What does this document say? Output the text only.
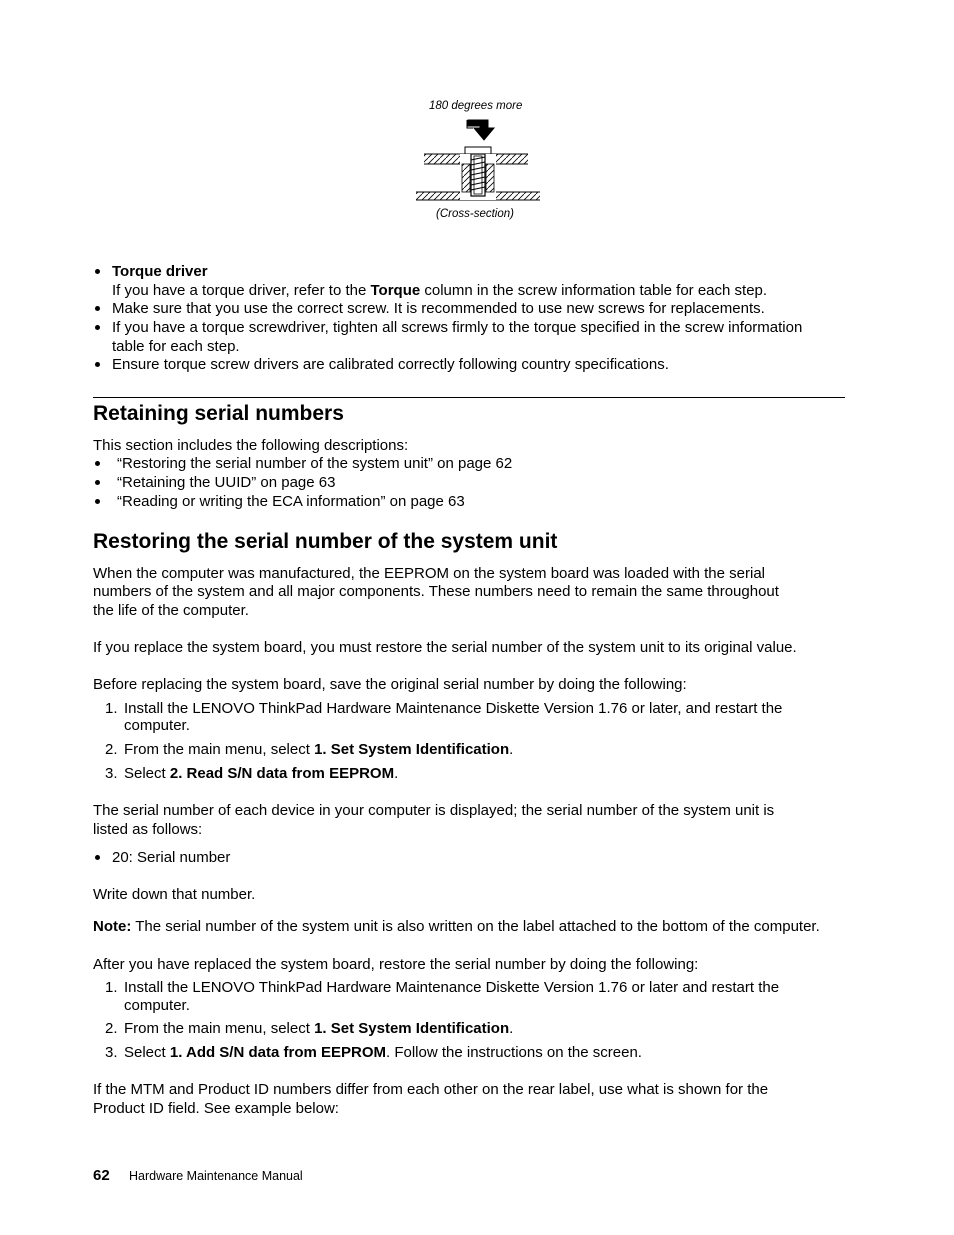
180 degrees more
(Cross-section)
Torque driver
If you have a torque driver, refer to the Torque column in the screw information table for each step.
Make sure that you use the correct screw. It is recommended to use new screws for replacements.
If you have a torque screwdriver, tighten all screws firmly to the torque specified in the screw information
table for each step.
Ensure torque screw drivers are calibrated correctly following country specifications.
Retaining serial numbers
This section includes the following descriptions:
“Restoring the serial number of the system unit” on page 62
“Retaining the UUID” on page 63
“Reading or writing the ECA information” on page 63
Restoring the serial number of the system unit
When the computer was manufactured, the EEPROM on the system board was loaded with the serial
numbers of the system and all major components. These numbers need to remain the same throughout
the life of the computer.
If you replace the system board, you must restore the serial number of the system unit to its original value.
Before replacing the system board, save the original serial number by doing the following:
1. Install the LENOVO ThinkPad Hardware Maintenance Diskette Version 1.76 or later, and restart the
computer.
2. From the main menu, select 1. Set System Identification.
3. Select 2. Read S/N data from EEPROM.
The serial number of each device in your computer is displayed; the serial number of the system unit is
listed as follows:
20: Serial number
Write down that number.
Note: The serial number of the system unit is also written on the label attached to the bottom of the computer.
After you have replaced the system board, restore the serial number by doing the following:
1. Install the LENOVO ThinkPad Hardware Maintenance Diskette Version 1.76 or later and restart the
computer.
2. From the main menu, select 1. Set System Identification.
3. Select 1. Add S/N data from EEPROM. Follow the instructions on the screen.
If the MTM and Product ID numbers differ from each other on the rear label, use what is shown for the
Product ID field. See example below:
62 Hardware Maintenance Manual
